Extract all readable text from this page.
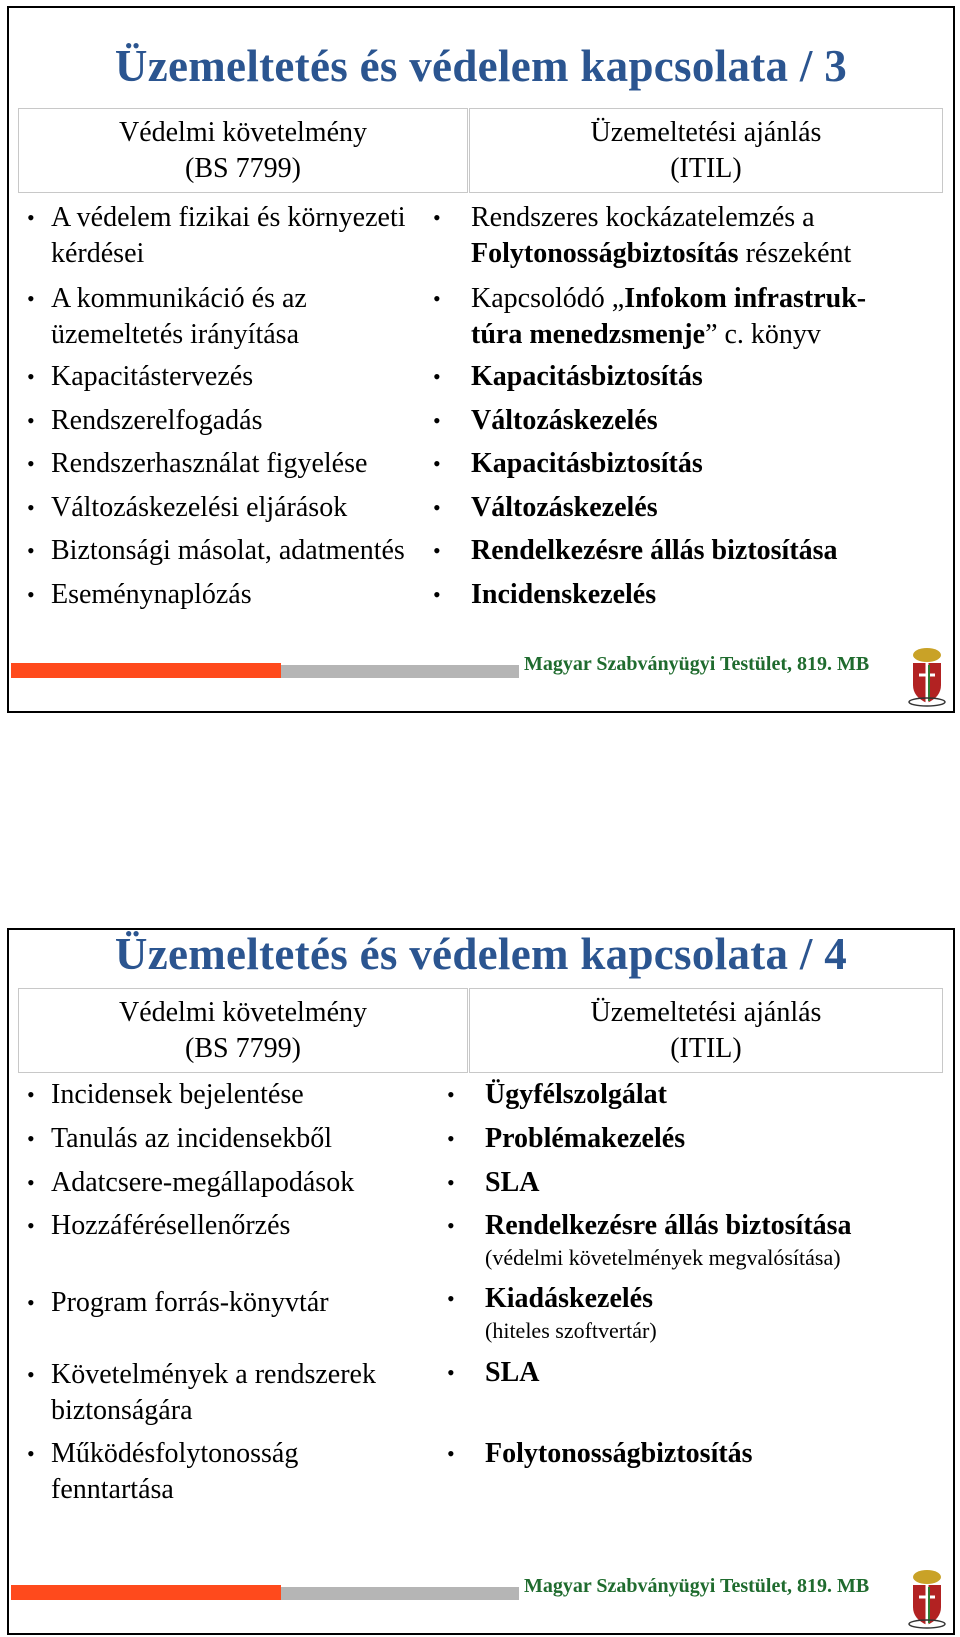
Üzemeltetés és védelem kapcsolata / 3
Védelmi követelmény
(BS 7799)
Üzemeltetési ajánlás
(ITIL)
• A védelem fizikai és környezeti
kérdései
• A kommunikáció és az
üzemeltetés irányítása
• Kapacitástervezés
• Rendszerelfogadás
• Rendszerhasználat figyelése
• Változáskezelési eljárások
• Biztonsági másolat, adatmentés
• Eseménynaplózás
• Rendszeres kockázatelemzés a
Folytonosságbiztosítás részeként
• Kapcsolódó „Infokom infrastruk-
túra menedzsmenje” c. könyv
• Kapacitásbiztosítás
• Változáskezelés
• Kapacitásbiztosítás
• Változáskezelés
• Rendelkezésre állás biztosítása
• Incidenskezelés
Magyar Szabványügyi Testület, 819. MB
Üzemeltetés és védelem kapcsolata / 4
Védelmi követelmény
(BS 7799)
Üzemeltetési ajánlás
(ITIL)
• Incidensek bejelentése
• Tanulás az incidensekből
• Adatcsere-megállapodások
• Hozzáférésellenőrzés
• Program forrás-könyvtár
• Követelmények a rendszerek
biztonságára
• Működésfolytonosság
fenntartása
• Ügyfélszolgálat
• Problémakezelés
• SLA
• Rendelkezésre állás biztosítása
(védelmi követelmények megvalósítása)
• Kiadáskezelés
(hiteles szoftvertár)
• SLA
• Folytonosságbiztosítás
Magyar Szabványügyi Testület, 819. MB
